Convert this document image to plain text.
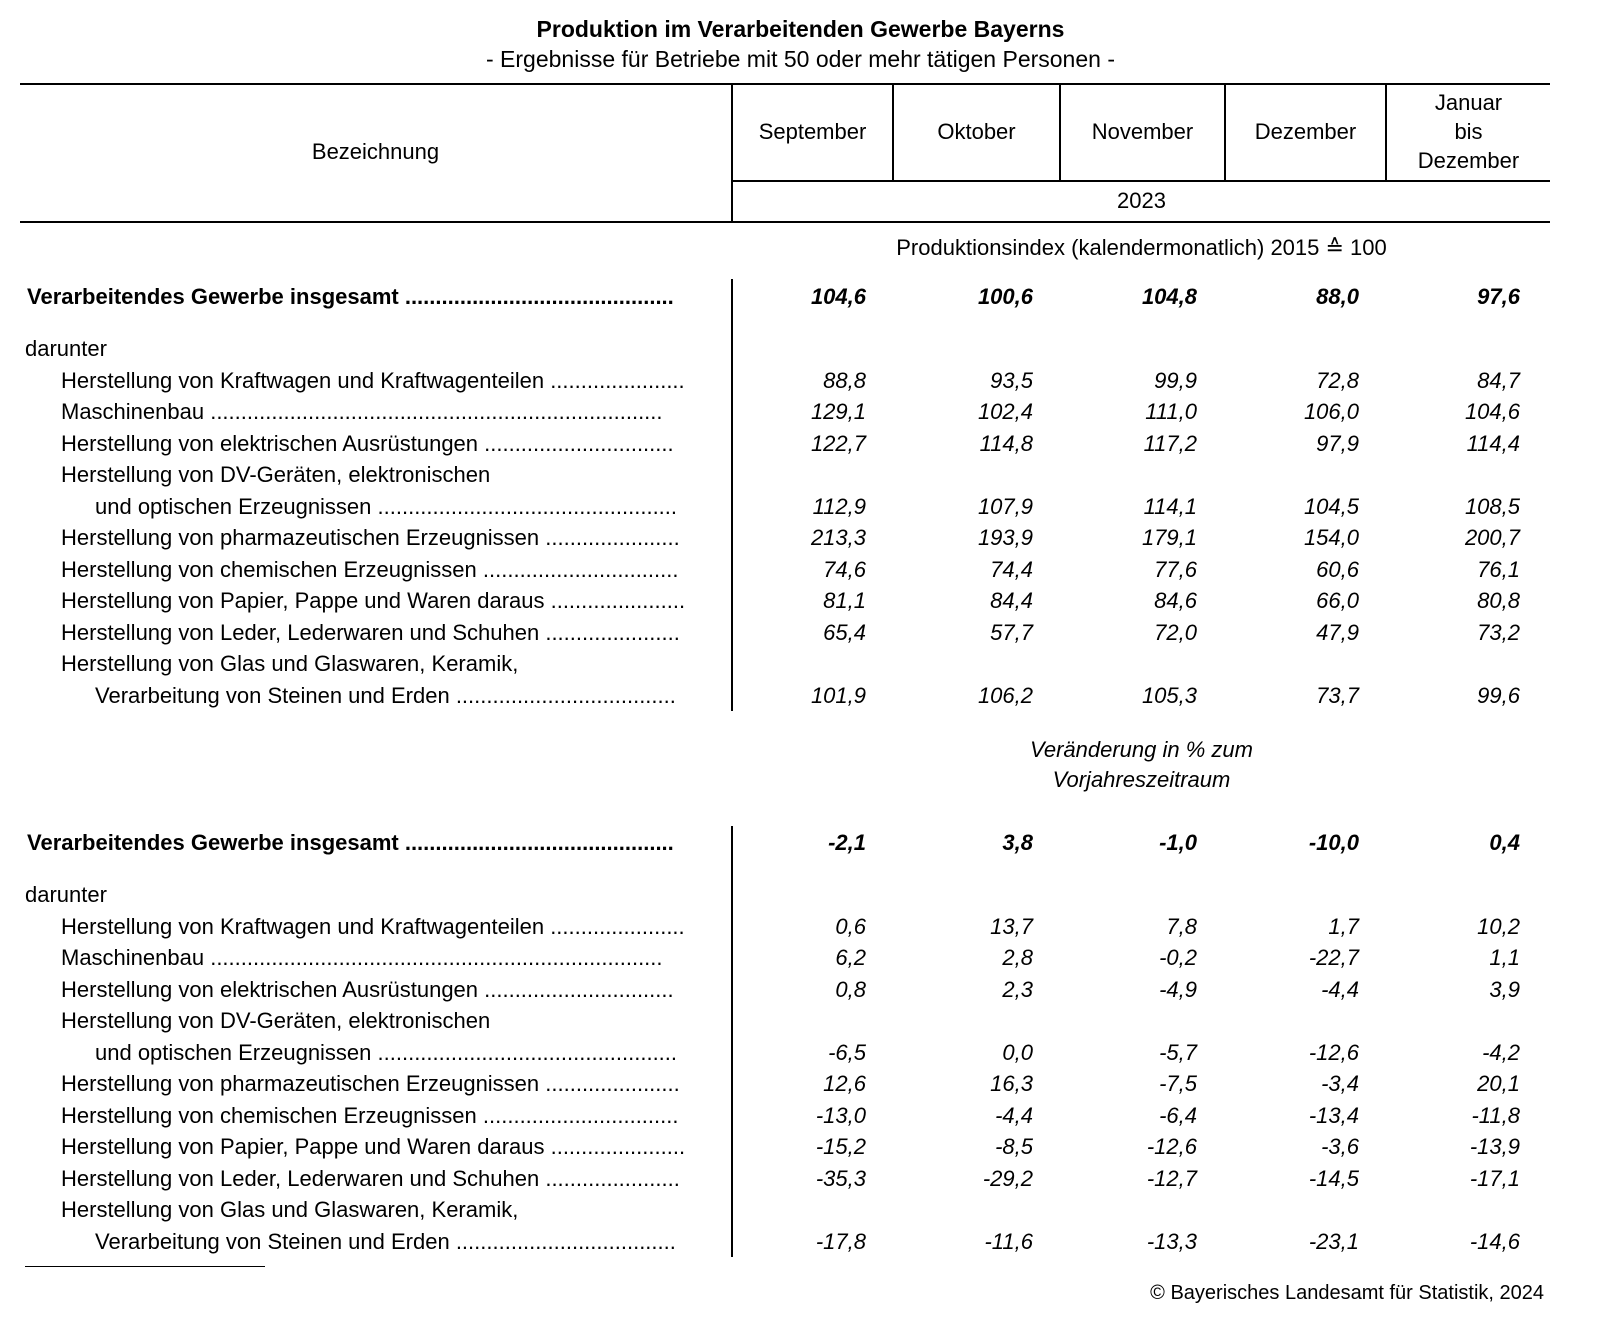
Produktion im Verarbeitenden Gewerbe Bayerns
- Ergebnisse für Betriebe mit 50 oder mehr tätigen Personen -
Bezeichnung
September	Oktober	November	Dezember
Januar
bis
Dezember
2023
Produktionsindex (kalendermonatlich) 2015 ≙ 100
Verarbeitendes Gewerbe insgesamt ............................................	104,6	100,6	104,8	88,0	97,6
darunter
Herstellung von Kraftwagen und Kraftwagenteilen ......................	88,8	93,5	99,9	72,8	84,7
Maschinenbau ..........................................................................	129,1	102,4	111,0	106,0	104,6
Herstellung von elektrischen Ausrüstungen ...............................	122,7	114,8	117,2	97,9	114,4
Herstellung von DV-Geräten, elektronischen
und optischen Erzeugnissen .................................................	112,9	107,9	114,1	104,5	108,5
Herstellung von pharmazeutischen Erzeugnissen ......................	213,3	193,9	179,1	154,0	200,7
Herstellung von chemischen Erzeugnissen ................................	74,6	74,4	77,6	60,6	76,1
Herstellung von Papier, Pappe und Waren daraus ......................	81,1	84,4	84,6	66,0	80,8
Herstellung von Leder, Lederwaren und Schuhen ......................	65,4	57,7	72,0	47,9	73,2
Herstellung von Glas und Glaswaren, Keramik,
Verarbeitung von Steinen und Erden ....................................	101,9	106,2	105,3	73,7	99,6
Veränderung in % zum
Vorjahreszeitraum
Verarbeitendes Gewerbe insgesamt ............................................	-2,1	3,8	-1,0	-10,0	0,4
darunter
Herstellung von Kraftwagen und Kraftwagenteilen ......................	0,6	13,7	7,8	1,7	10,2
Maschinenbau ..........................................................................	6,2	2,8	-0,2	-22,7	1,1
Herstellung von elektrischen Ausrüstungen ...............................	0,8	2,3	-4,9	-4,4	3,9
Herstellung von DV-Geräten, elektronischen
und optischen Erzeugnissen .................................................	-6,5	0,0	-5,7	-12,6	-4,2
Herstellung von pharmazeutischen Erzeugnissen ......................	12,6	16,3	-7,5	-3,4	20,1
Herstellung von chemischen Erzeugnissen ................................	-13,0	-4,4	-6,4	-13,4	-11,8
Herstellung von Papier, Pappe und Waren daraus ......................	-15,2	-8,5	-12,6	-3,6	-13,9
Herstellung von Leder, Lederwaren und Schuhen ......................	-35,3	-29,2	-12,7	-14,5	-17,1
Herstellung von Glas und Glaswaren, Keramik,
Verarbeitung von Steinen und Erden ....................................	-17,8	-11,6	-13,3	-23,1	-14,6
© Bayerisches Landesamt für Statistik, 2024
